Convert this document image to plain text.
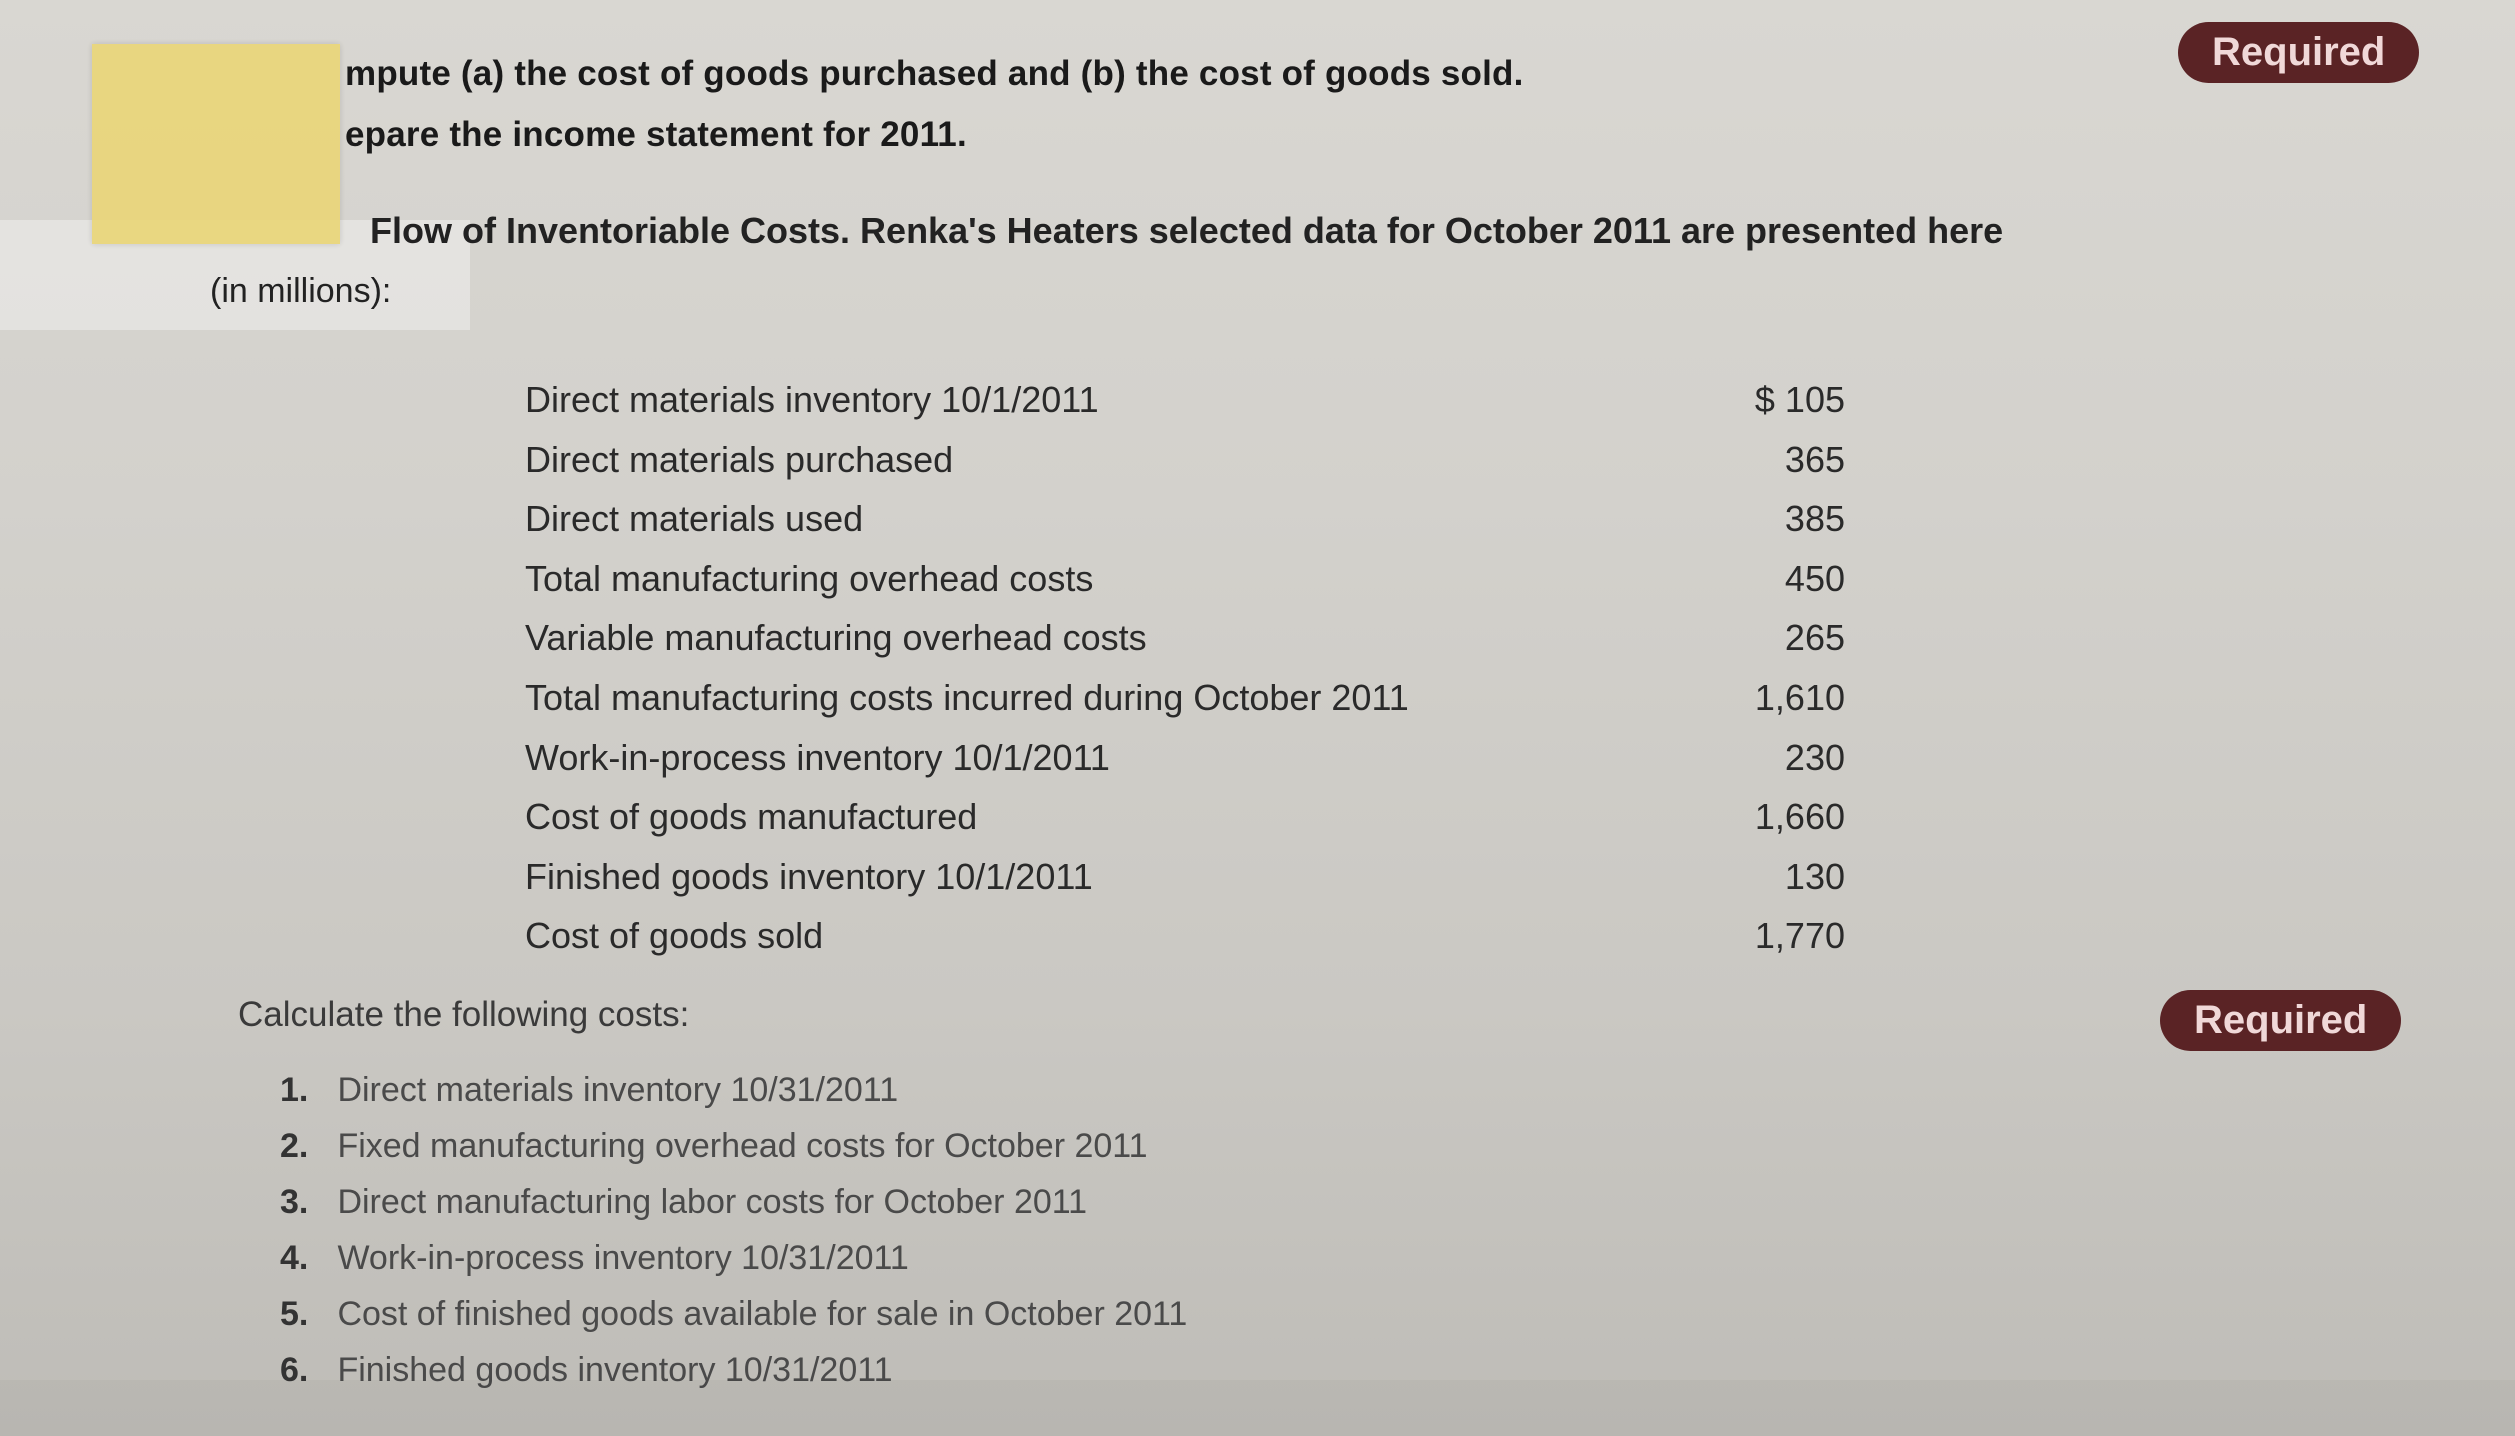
mpute (a) the cost of goods purchased and (b) the cost of goods sold.
epare the income statement for 2011.
Required
Flow of Inventoriable Costs. Renka's Heaters selected data for October 2011 are presented here
(in millions):
Direct materials inventory 10/1/2011	$ 105
Direct materials purchased	365
Direct materials used	385
Total manufacturing overhead costs	450
Variable manufacturing overhead costs	265
Total manufacturing costs incurred during October 2011	1,610
Work-in-process inventory 10/1/2011	230
Cost of goods manufactured	1,660
Finished goods inventory 10/1/2011	130
Cost of goods sold	1,770
Calculate the following costs:	Required
1. Direct materials inventory 10/31/2011
2. Fixed manufacturing overhead costs for October 2011
3. Direct manufacturing labor costs for October 2011
4. Work-in-process inventory 10/31/2011
5. Cost of finished goods available for sale in October 2011
6. Finished goods inventory 10/31/2011
